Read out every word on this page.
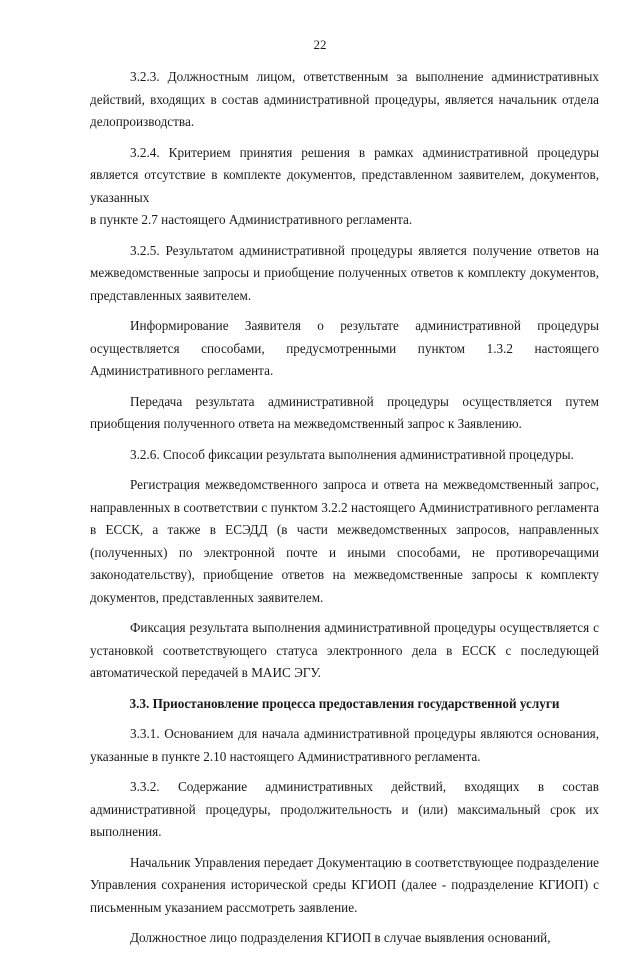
22

3.2.3. Должностным лицом, ответственным за выполнение административных действий, входящих в состав административной процедуры, является начальник отдела делопроизводства.

3.2.4. Критерием принятия решения в рамках административной процедуры является отсутствие в комплекте документов, представленном заявителем, документов, указанных

в пункте 2.7 настоящего Административного регламента.

3.2.5. Результатом административной процедуры является получение ответов на межведомственные запросы и приобщение полученных ответов к комплекту документов, представленных заявителем.

Информирование Заявителя о результате административной процедуры осуществляется способами, предусмотренными пунктом 1.3.2 настоящего Административного регламента.

Передача результата административной процедуры осуществляется путем приобщения полученного ответа на межведомственный запрос к Заявлению.

3.2.6. Способ фиксации результата выполнения административной процедуры.

Регистрация межведомственного запроса и ответа на межведомственный запрос, направленных в соответствии с пунктом 3.2.2 настоящего Административного регламента в ЕССК, а также в ЕСЭДД (в части межведомственных запросов, направленных (полученных) по электронной почте и иными способами, не противоречащими законодательству), приобщение ответов на межведомственные запросы к комплекту документов, представленных заявителем.

Фиксация результата выполнения административной процедуры осуществляется с установкой соответствующего статуса электронного дела в ЕССК с последующей автоматической передачей в МАИС ЭГУ.

3.3. Приостановление процесса предоставления государственной услуги

3.3.1. Основанием для начала административной процедуры являются основания, указанные в пункте 2.10 настоящего Административного регламента.

3.3.2. Содержание административных действий, входящих в состав административной процедуры, продолжительность и (или) максимальный срок их выполнения.

Начальник Управления передает Документацию в соответствующее подразделение Управления сохранения исторической среды КГИОП (далее - подразделение КГИОП) с письменным указанием рассмотреть заявление.

Должностное лицо подразделения КГИОП в случае выявления оснований,
